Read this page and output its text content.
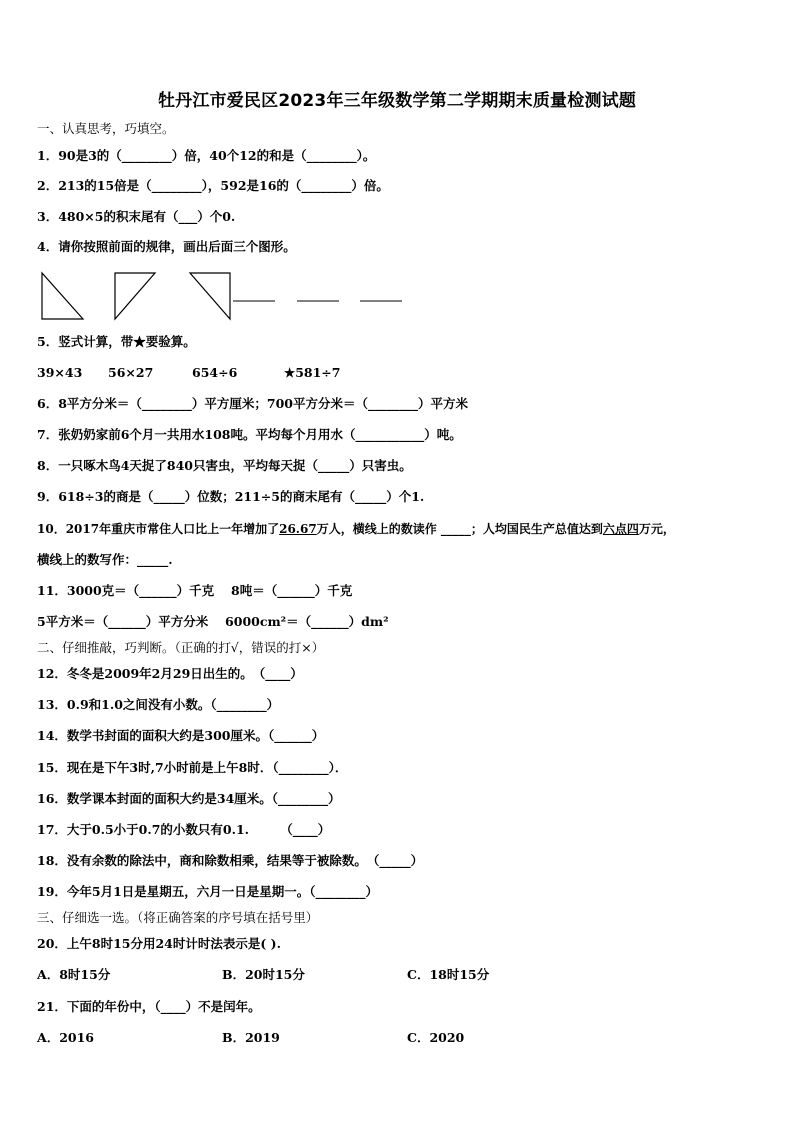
牡丹江市爱民区2023年三年级数学第二学期期末质量检测试题
一、认真思考，巧填空。
1．90是3的（________）倍，40个12的和是（________）。
2．213的15倍是（________），592是16的（________）倍。
3．480×5的积末尾有（___）个0.
4．请你按照前面的规律，画出后面三个图形。
5．竖式计算，带★要验算。
39×43 56×27	654÷6	★581÷7
6．8平方分米＝（________）平方厘米；700平方分米＝（________）平方米
7．张奶奶家前6个月一共用水108吨。平均每个月用水（___________）吨。
8．一只啄木鸟4天捉了840只害虫，平均每天捉（_____）只害虫。
9．618÷3的商是（_____）位数；211÷5的商末尾有（_____）个1.
10．2017年重庆市常住人口比上一年增加了26.67万人，横线上的数读作 _____；人均国民生产总值达到六点四万元，
横线上的数写作：_____.
11．3000克＝（______）千克　 8吨＝（______）千克
5平方米＝（______）平方分米　 6000cm²＝（______）dm²
二、仔细推敲，巧判断。（正确的打√，错误的打×）
12．冬冬是2009年2月29日出生的。　（____）
13．0.9和1.0之间没有小数。（________）
14．数学书封面的面积大约是300厘米。（______）
15．现在是下午3时,7小时前是上午8时．（________）．
16．数学课本封面的面积大约是34厘米。（________）
17．大于0.5小于0.7的小数只有0.1.　　　（____）
18．没有余数的除法中，商和除数相乘，结果等于被除数。　（_____）
19．今年5月1日是星期五，六月一日是星期一。（________）
三、仔细选一选。（将正确答案的序号填在括号里）
20．上午8时15分用24时计时法表示是( ).
A．8时15分	B．20时15分	C．18时15分
21．下面的年份中，（____）不是闰年。
A．2016	B．2019	C．2020
